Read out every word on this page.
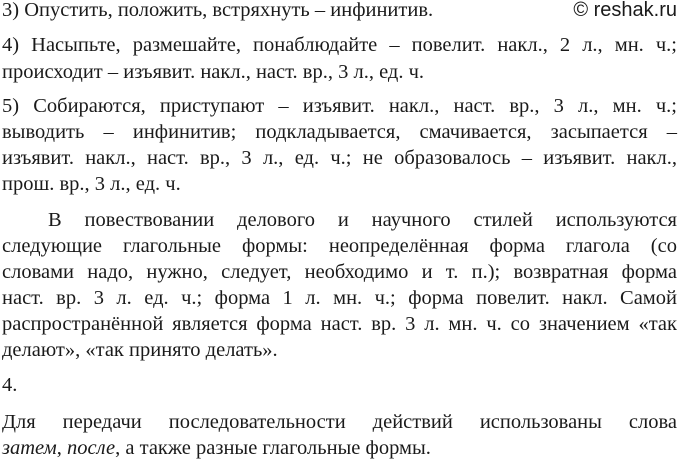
© reshak.ru
3) Опустить, положить, встряхнуть – инфинитив.
4) Насыпьте, размешайте, понаблюдайте – повелит. накл., 2 л., мн. ч.;
происходит – изъявит. накл., наст. вр., 3 л., ед. ч.
5) Собираются, приступают – изъявит. накл., наст. вр., 3 л., мн. ч.;
выводить – инфинитив; подкладывается, смачивается, засыпается –
изъявит. накл., наст. вр., 3 л., ед. ч.; не образовалось – изъявит. накл.,
прош. вр., 3 л., ед. ч.
В повествовании делового и научного стилей используются
следующие глагольные формы: неопределённая форма глагола (со
словами надо, нужно, следует, необходимо и т. п.); возвратная форма
наст. вр. 3 л. ед. ч.; форма 1 л. мн. ч.; форма повелит. накл. Самой
распространённой является форма наст. вр. 3 л. мн. ч. со значением «так
делают», «так принято делать».
4.
Для передачи последовательности действий использованы слова
затем, после, а также разные глагольные формы.
